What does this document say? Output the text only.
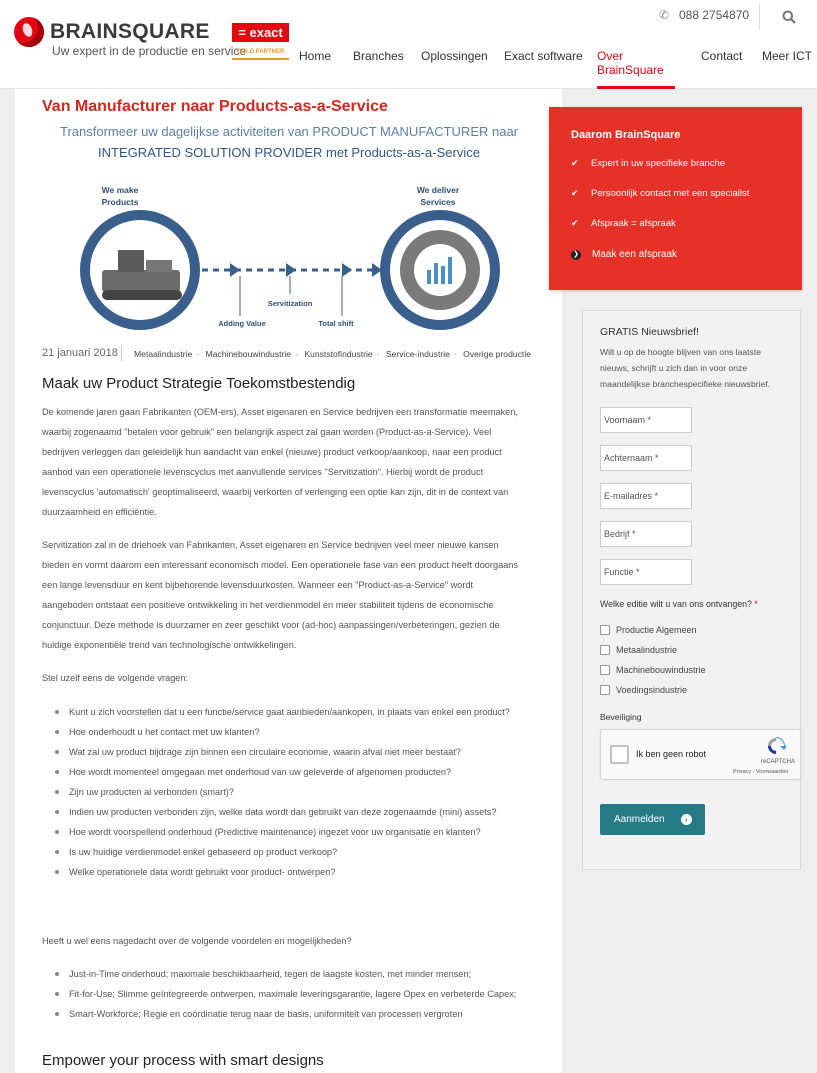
BRAINSQUARE
Uw expert in de productie en service
= exact
GOLD PARTNER
✆ 088 2754870
Home Branches Oplossingen Exact software Over BrainSquare
Contact Meer ICT
Van Manufacturer naar Products-as-a-Service
Transformeer uw dagelijkse activiteiten van PRODUCT MANUFACTURER naar
INTEGRATED SOLUTION PROVIDER met Products-as-a-Service
We make
Products
We deliver
Services
Adding Value
Servitization
Total shift
21 januari 2018 Metaalindustrie - Machinebouwindustrie - Kunststofindustrie - Service-industrie - Overige productie
Maak uw Product Strategie Toekomstbestendig

De komende jaren gaan Fabrikanten (OEM-ers), Asset eigenaren en Service bedrijven een transformatie meemaken, waarbij zogenaamd "betalen voor gebruik" een belangrijk aspect zal gaan worden (Product-as-a-Service). Veel bedrijven verleggen dan geleidelijk hun aandacht van enkel (nieuwe) product verkoop/aankoop, naar een product aanbod van een operationele levenscyclus met aanvullende services "Servitization". Hierbij wordt de product levenscyclus 'automatisch' geoptimaliseerd, waarbij verkorten of verlenging een optie kan zijn, dit in de context van duurzaamheid en efficiëntie.

Servitization zal in de driehoek van Fabrikanten, Asset eigenaren en Service bedrijven veel meer nieuwe kansen bieden en vormt daarom een interessant economisch model. Een operationele fase van een product heeft doorgaans een lange levensduur en kent bijbehorende levensduurkosten. Wanneer een "Product-as-a-Service" wordt aangeboden ontstaat een positieve ontwikkeling in het verdienmodel en meer stabiliteit tijdens de economische conjunctuur. Deze methode is duurzamer en zeer geschikt voor (ad-hoc) aanpassingen/verbeteringen, gezien de huidige exponentiële trend van technologische ontwikkelingen.

Stel uzelf eens de volgende vragen:

Kunt u zich voorstellen dat u een functie/service gaat aanbieden/aankopen, in plaats van enkel een product?
Hoe onderhoudt u het contact met uw klanten?
Wat zal uw product bijdrage zijn binnen een circulaire economie, waarin afval niet meer bestaat?
Hoe wordt momenteel omgegaan met onderhoud van uw geleverde of afgenomen producten?
Zijn uw producten al verbonden (smart)?
Indien uw producten verbonden zijn, welke data wordt dan gebruikt van deze zogenaamde (mini) assets?
Hoe wordt voorspellend onderhoud (Predictive maintenance) ingezet voor uw organisatie en klanten?
Is uw huidige verdienmodel enkel gebaseerd op product verkoop?
Welke operationele data wordt gebruikt voor product- ontwerpen?

Heeft u wel eens nagedacht over de volgende voordelen en mogelijkheden?

Just-in-Time onderhoud; maximale beschikbaarheid, tegen de laagste kosten, met minder mensen;
Fit-for-Use; Slimme geïntegreerde ontwerpen, maximale leveringsgarantie, lagere Opex en verbeterde Capex;
Smart-Workforce; Regie en coördinatie terug naar de basis, uniformiteit van processen vergroten
Empower your process with smart designs
Daarom BrainSquare
✔	Expert in uw specifieke branche
✔	Persoonlijk contact met een specialist
✔	Afspraak = afspraak
❯ Maak een afspraak
GRATIS Nieuwsbrief!
Wilt u op de hoogte blijven van ons laatste nieuws, schrijft u zich dan in voor onze maandelijkse branchespecifieke nieuwsbrief.
Voornaam *
Achternaam *
E-mailadres *
Bedrijf *
Functie *
Welke editie wilt u van ons ontvangen? *
Productie Algemeen
Metaalindustrie
Machinebouwindustrie
Voedingsindustrie
Beveiliging
Ik ben geen robot
reCAPTCHA
Privacy - Voorwaarden
Aanmelden	›
